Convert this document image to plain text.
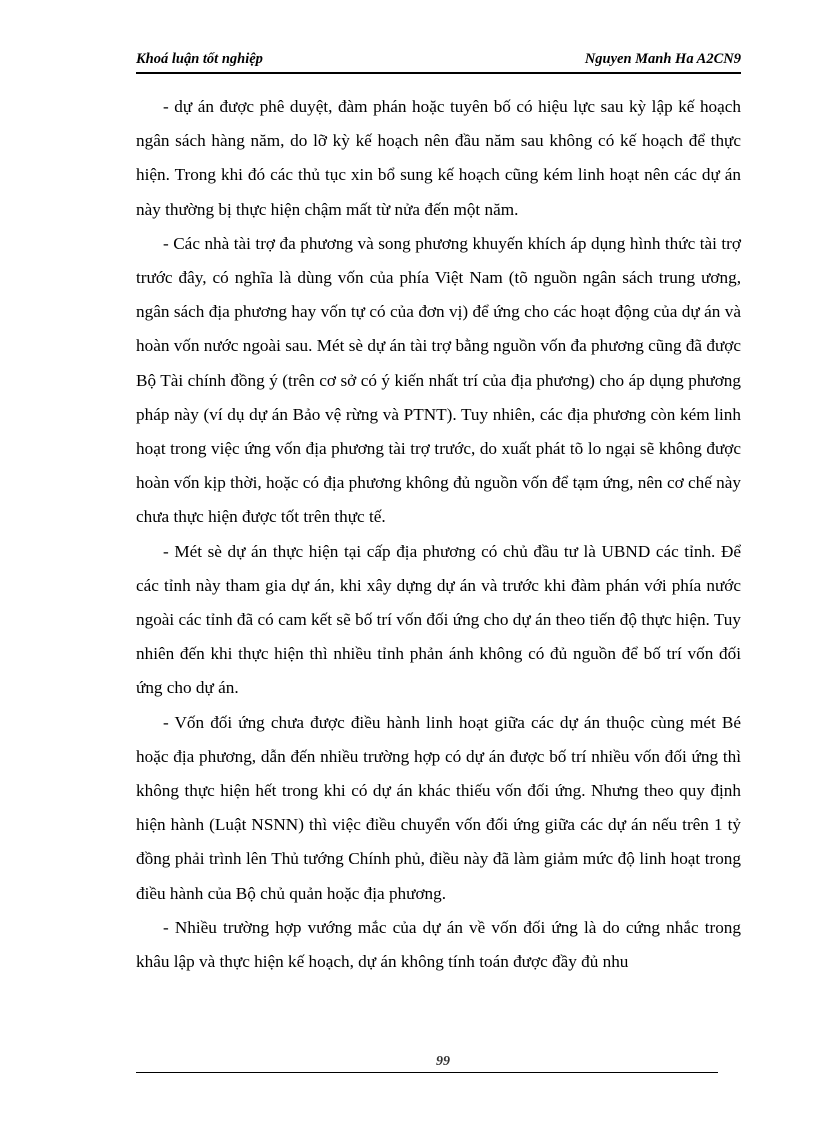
Khoá luận tốt nghiệp	Nguyen Manh Ha A2CN9

- dự án được phê duyệt, đàm phán hoặc tuyên bố có hiệu lực sau kỳ lập kế hoạch ngân sách hàng năm, do lỡ kỳ kế hoạch nên đầu năm sau không có kế hoạch để thực hiện. Trong khi đó các thủ tục xin bổ sung kế hoạch cũng kém linh hoạt nên các dự án này thường bị thực hiện chậm mất từ nửa đến một năm.

- Các nhà tài trợ đa phương và song phương khuyến khích áp dụng hình thức tài trợ trước đây, có nghĩa là dùng vốn của phía Việt Nam (tõ nguồn ngân sách trung ương, ngân sách địa phương hay vốn tự có của đơn vị) để ứng cho các hoạt động của dự án và hoàn vốn nước ngoài sau. Mét sè dự án tài trợ bằng nguồn vốn đa phương cũng đã được Bộ Tài chính đồng ý (trên cơ sở có ý kiến nhất trí của địa phương) cho áp dụng phương pháp này (ví dụ dự án Bảo vệ rừng và PTNT). Tuy nhiên, các địa phương còn kém linh hoạt trong việc ứng vốn địa phương tài trợ trước, do xuất phát tõ lo ngại sẽ không được hoàn vốn kịp thời, hoặc có địa phương không đủ nguồn vốn để tạm ứng, nên cơ chế này chưa thực hiện được tốt trên thực tế.

- Mét sè dự án thực hiện tại cấp địa phương có chủ đầu tư là UBND các tỉnh. Để các tỉnh này tham gia dự án, khi xây dựng dự án và trước khi đàm phán với phía nước ngoài các tỉnh đã có cam kết sẽ bố trí vốn đối ứng cho dự án theo tiến độ thực hiện. Tuy nhiên đến khi thực hiện thì nhiều tỉnh phản ánh không có đủ nguồn để bố trí vốn đối ứng cho dự án.

- Vốn đối ứng chưa được điều hành linh hoạt giữa các dự án thuộc cùng mét Bé hoặc địa phương, dẫn đến nhiều trường hợp có dự án được bố trí nhiều vốn đối ứng thì không thực hiện hết trong khi có dự án khác thiếu vốn đối ứng. Nhưng theo quy định hiện hành (Luật NSNN) thì việc điều chuyển vốn đối ứng giữa các dự án nếu trên 1 tỷ đồng phải trình lên Thủ tướng Chính phủ, điều này đã làm giảm mức độ linh hoạt trong điều hành của Bộ chủ quản hoặc địa phương.

- Nhiều trường hợp vướng mắc của dự án về vốn đối ứng là do cứng nhắc trong khâu lập và thực hiện kế hoạch, dự án không tính toán được đầy đủ nhu

99
